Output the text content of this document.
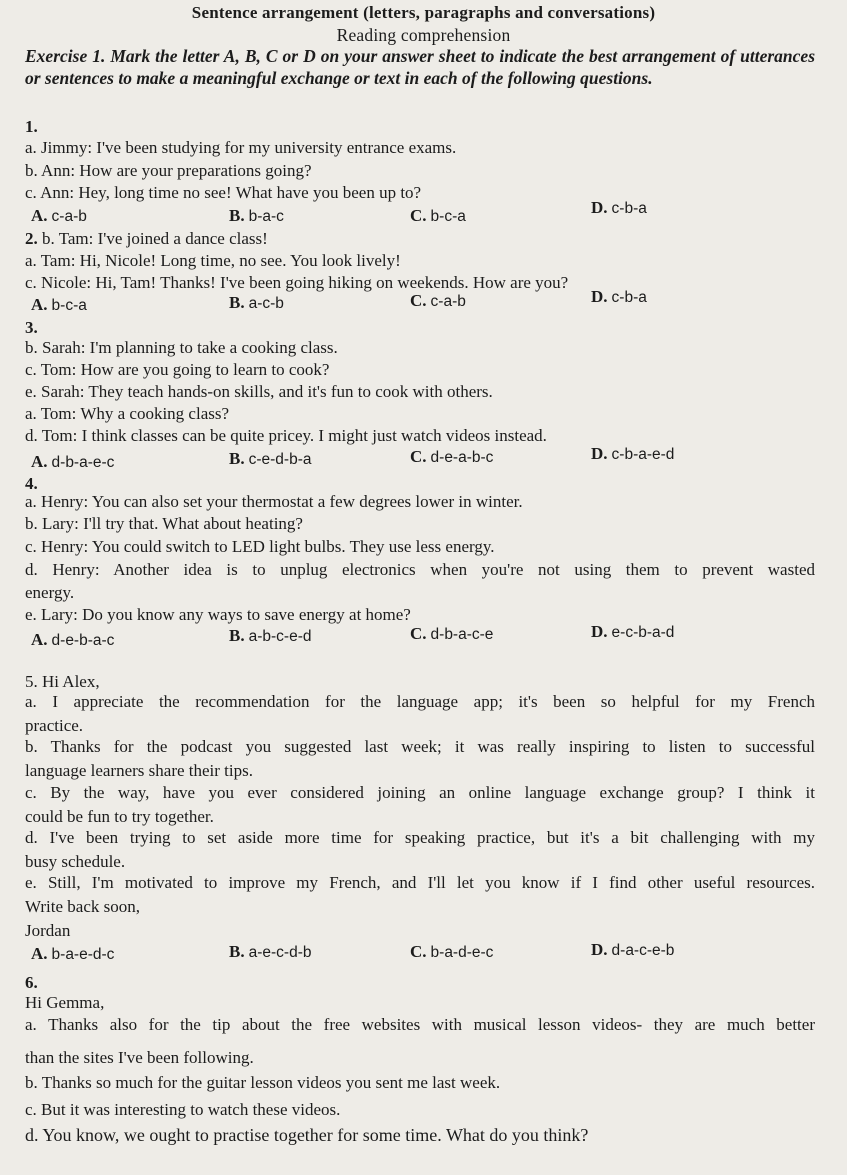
Sentence arrangement (letters, paragraphs and conversations)
Reading comprehension
Exercise 1. Mark the letter A, B, C or D on your answer sheet to indicate the best arrangement of utterances or sentences to make a meaningful exchange or text in each of the following questions.
1.
a. Jimmy: I've been studying for my university entrance exams.
b. Ann: How are your preparations going?
c. Ann: Hey, long time no see! What have you been up to?
A. c-a-b	B. b-a-c	C. b-c-a	D. c-b-a
2. b. Tam: I've joined a dance class!
a. Tam: Hi, Nicole! Long time, no see. You look lively!
c. Nicole: Hi, Tam! Thanks! I've been going hiking on weekends. How are you?
A. b-c-a	B. a-c-b	C. c-a-b	D. c-b-a
3.
b. Sarah: I'm planning to take a cooking class.
c. Tom: How are you going to learn to cook?
e. Sarah: They teach hands-on skills, and it's fun to cook with others.
a. Tom: Why a cooking class?
d. Tom: I think classes can be quite pricey. I might just watch videos instead.
A. d-b-a-e-c	B. c-e-d-b-a	C. d-e-a-b-c	D. c-b-a-e-d
4.
a. Henry: You can also set your thermostat a few degrees lower in winter.
b. Lary: I'll try that. What about heating?
c. Henry: You could switch to LED light bulbs. They use less energy.
d. Henry: Another idea is to unplug electronics when you're not using them to prevent wasted
energy.
e. Lary: Do you know any ways to save energy at home?
A. d-e-b-a-c	B. a-b-c-e-d	C. d-b-a-c-e	D. e-c-b-a-d
5. Hi Alex,
a. I appreciate the recommendation for the language app; it's been so helpful for my French
practice.
b. Thanks for the podcast you suggested last week; it was really inspiring to listen to successful
language learners share their tips.
c. By the way, have you ever considered joining an online language exchange group? I think it
could be fun to try together.
d. I've been trying to set aside more time for speaking practice, but it's a bit challenging with my
busy schedule.
e. Still, I'm motivated to improve my French, and I'll let you know if I find other useful resources.
Write back soon,
Jordan
A. b-a-e-d-c	B. a-e-c-d-b	C. b-a-d-e-c	D. d-a-c-e-b
6.
Hi Gemma,
a. Thanks also for the tip about the free websites with musical lesson videos- they are much better
than the sites I've been following.
b. Thanks so much for the guitar lesson videos you sent me last week.
c. But it was interesting to watch these videos.
d. You know, we ought to practise together for some time. What do you think?
